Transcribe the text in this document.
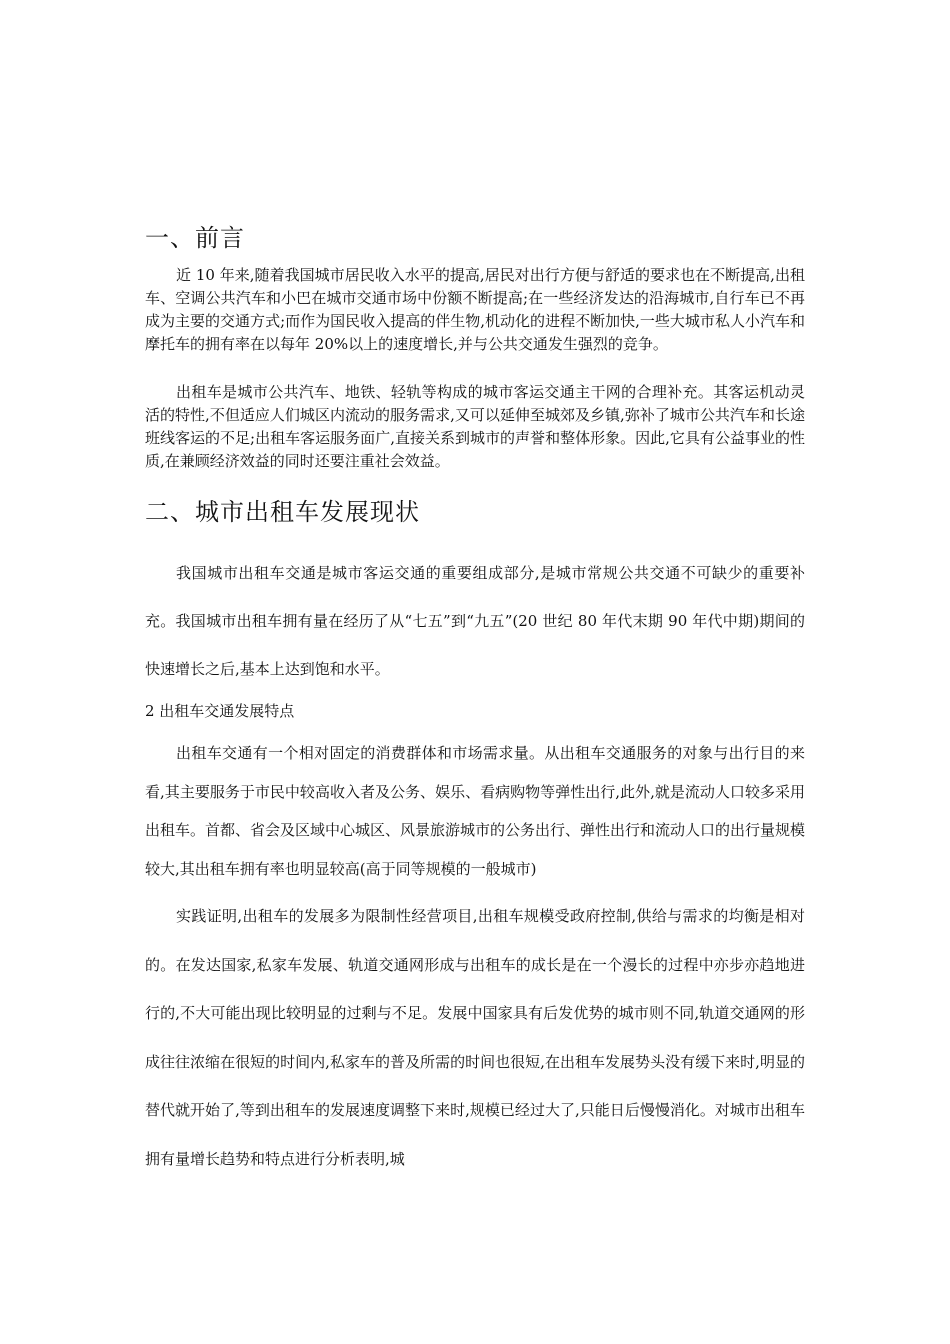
一、前言

近 10 年来,随着我国城市居民收入水平的提高,居民对出行方便与舒适的要求也在不断提高,出租车、空调公共汽车和小巴在城市交通市场中份额不断提高;在一些经济发达的沿海城市,自行车已不再成为主要的交通方式;而作为国民收入提高的伴生物,机动化的进程不断加快,一些大城市私人小汽车和摩托车的拥有率在以每年 20%以上的速度增长,并与公共交通发生强烈的竞争。

出租车是城市公共汽车、地铁、轻轨等构成的城市客运交通主干网的合理补充。其客运机动灵活的特性,不但适应人们城区内流动的服务需求,又可以延伸至城郊及乡镇,弥补了城市公共汽车和长途班线客运的不足;出租车客运服务面广,直接关系到城市的声誉和整体形象。因此,它具有公益事业的性质,在兼顾经济效益的同时还要注重社会效益。

二、城市出租车发展现状

我国城市出租车交通是城市客运交通的重要组成部分,是城市常规公共交通不可缺少的重要补充。我国城市出租车拥有量在经历了从“七五”到“九五”(20 世纪 80 年代末期 90 年代中期)期间的快速增长之后,基本上达到饱和水平。

2 出租车交通发展特点

出租车交通有一个相对固定的消费群体和市场需求量。从出租车交通服务的对象与出行目的来看,其主要服务于市民中较高收入者及公务、娱乐、看病购物等弹性出行,此外,就是流动人口较多采用出租车。首都、省会及区域中心城区、风景旅游城市的公务出行、弹性出行和流动人口的出行量规模较大,其出租车拥有率也明显较高(高于同等规模的一般城市)

实践证明,出租车的发展多为限制性经营项目,出租车规模受政府控制,供给与需求的均衡是相对的。在发达国家,私家车发展、轨道交通网形成与出租车的成长是在一个漫长的过程中亦步亦趋地进行的,不大可能出现比较明显的过剩与不足。发展中国家具有后发优势的城市则不同,轨道交通网的形成往往浓缩在很短的时间内,私家车的普及所需的时间也很短,在出租车发展势头没有缓下来时,明显的替代就开始了,等到出租车的发展速度调整下来时,规模已经过大了,只能日后慢慢消化。对城市出租车拥有量增长趋势和特点进行分析表明,城
